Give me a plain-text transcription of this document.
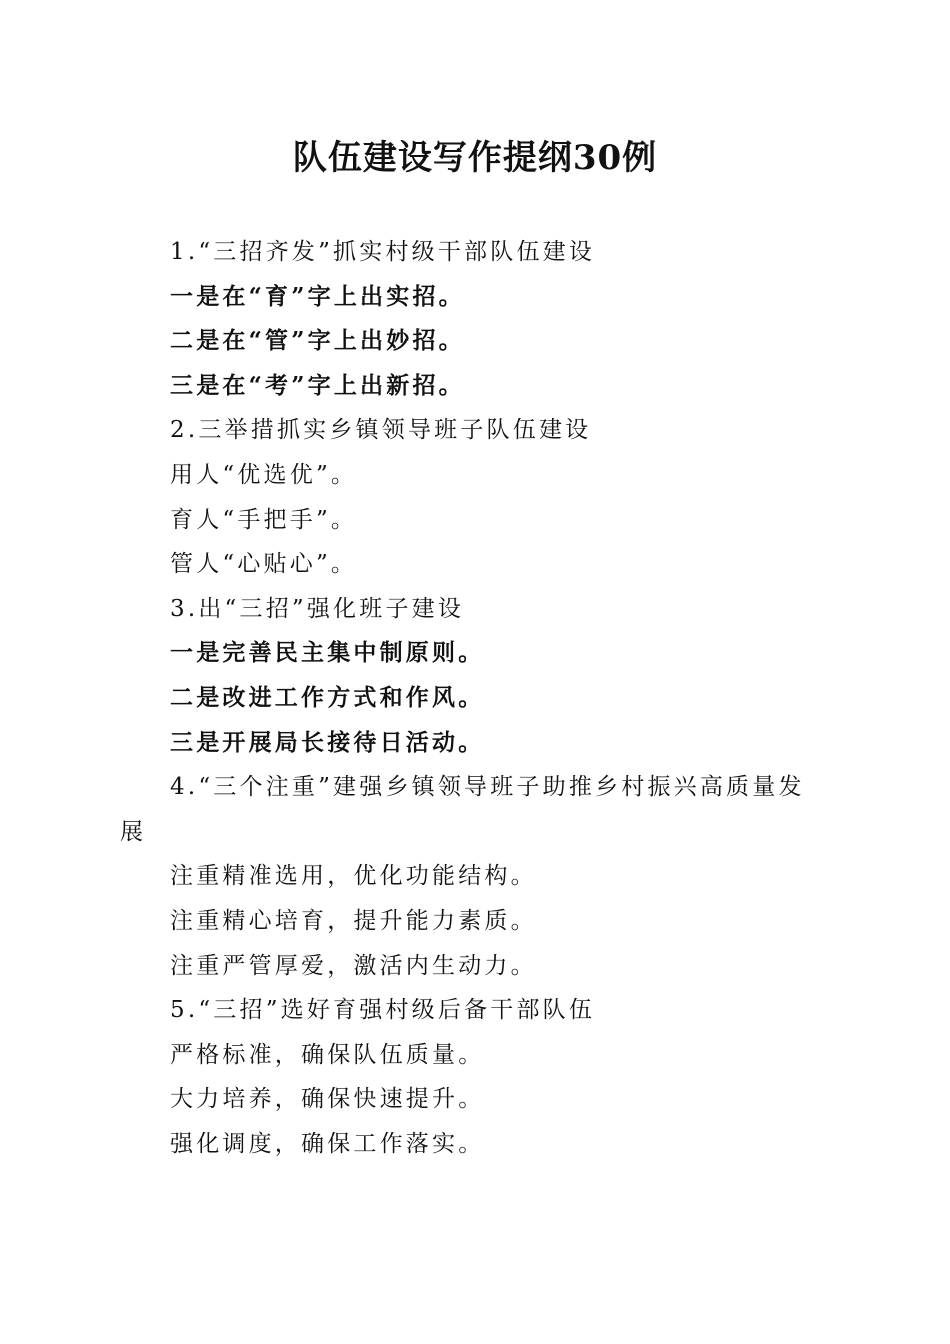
队伍建设写作提纲30例

1.“三招齐发”抓实村级干部队伍建设

一是在“育”字上出实招。

二是在“管”字上出妙招。

三是在“考”字上出新招。

2.三举措抓实乡镇领导班子队伍建设

用人“优选优”。

育人“手把手”。

管人“心贴心”。

3.出“三招”强化班子建设

一是完善民主集中制原则。

二是改进工作方式和作风。

三是开展局长接待日活动。

4.“三个注重”建强乡镇领导班子助推乡村振兴高质量发展

注重精准选用，优化功能结构。

注重精心培育，提升能力素质。

注重严管厚爱，激活内生动力。

5.“三招”选好育强村级后备干部队伍

严格标准，确保队伍质量。

大力培养，确保快速提升。

强化调度，确保工作落实。
